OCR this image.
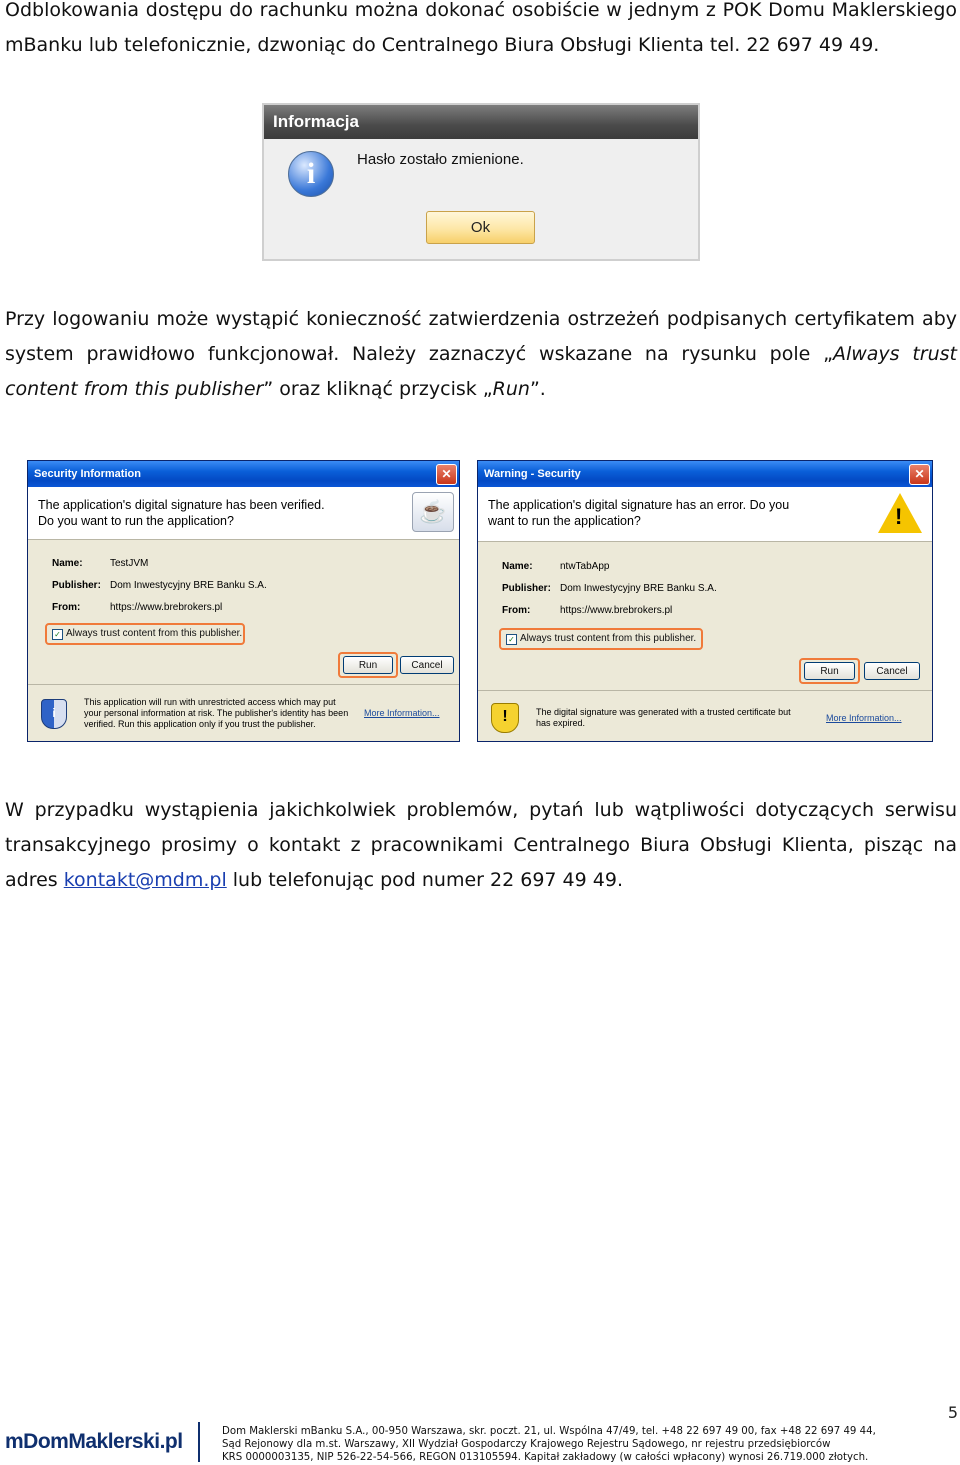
Odblokowania dostępu do rachunku można dokonać osobiście w jednym z POK Domu Maklerskiego mBanku lub telefonicznie, dzwoniąc do Centralnego Biura Obsługi Klienta tel. 22 697 49 49.

Informacja
i	Hasło zostało zmienione.
Ok

Przy logowaniu może wystąpić konieczność zatwierdzenia ostrzeżeń podpisanych certyfikatem aby system prawidłowo funkcjonował. Należy zaznaczyć wskazane na rysunku pole „Always trust content from this publisher” oraz kliknąć przycisk „Run”.

Security Information	✕
The application's digital signature has been verified.
Do you want to run the application?	☕
Name:	TestJVM
Publisher: Dom Inwestycyjny BRE Banku S.A.
From:	https://www.brebrokers.pl
✓ Always trust content from this publisher.
Run	Cancel
i
This application will run with unrestricted access which may put
your personal information at risk. The publisher's identity has been
verified. Run this application only if you trust the publisher.
More Information...
Warning - Security	✕
The application's digital signature has an error. Do you
want to run the application?	!
Name:	ntwTabApp
Publisher: Dom Inwestycyjny BRE Banku S.A.
From:	https://www.brebrokers.pl
✓ Always trust content from this publisher.
Run	Cancel
!	The digital signature was generated with a trusted certificate but
has expired.	More Information...

W przypadku wystąpienia jakichkolwiek problemów, pytań lub wątpliwości dotyczących serwisu transakcyjnego prosimy o kontakt z pracownikami Centralnego Biura Obsługi Klienta, pisząc na adres kontakt@mdm.pl lub telefonując pod numer 22 697 49 49.

5
mDomMaklerski.pl	Dom Maklerski mBanku S.A., 00-950 Warszawa, skr. poczt. 21, ul. Wspólna 47/49, tel. +48 22 697 49 00, fax +48 22 697 49 44,
Sąd Rejonowy dla m.st. Warszawy, XII Wydział Gospodarczy Krajowego Rejestru Sądowego, nr rejestru przedsiębiorców
KRS 0000003135, NIP 526-22-54-566, REGON 013105594. Kapitał zakładowy (w całości wpłacony) wynosi 26.719.000 złotych.
